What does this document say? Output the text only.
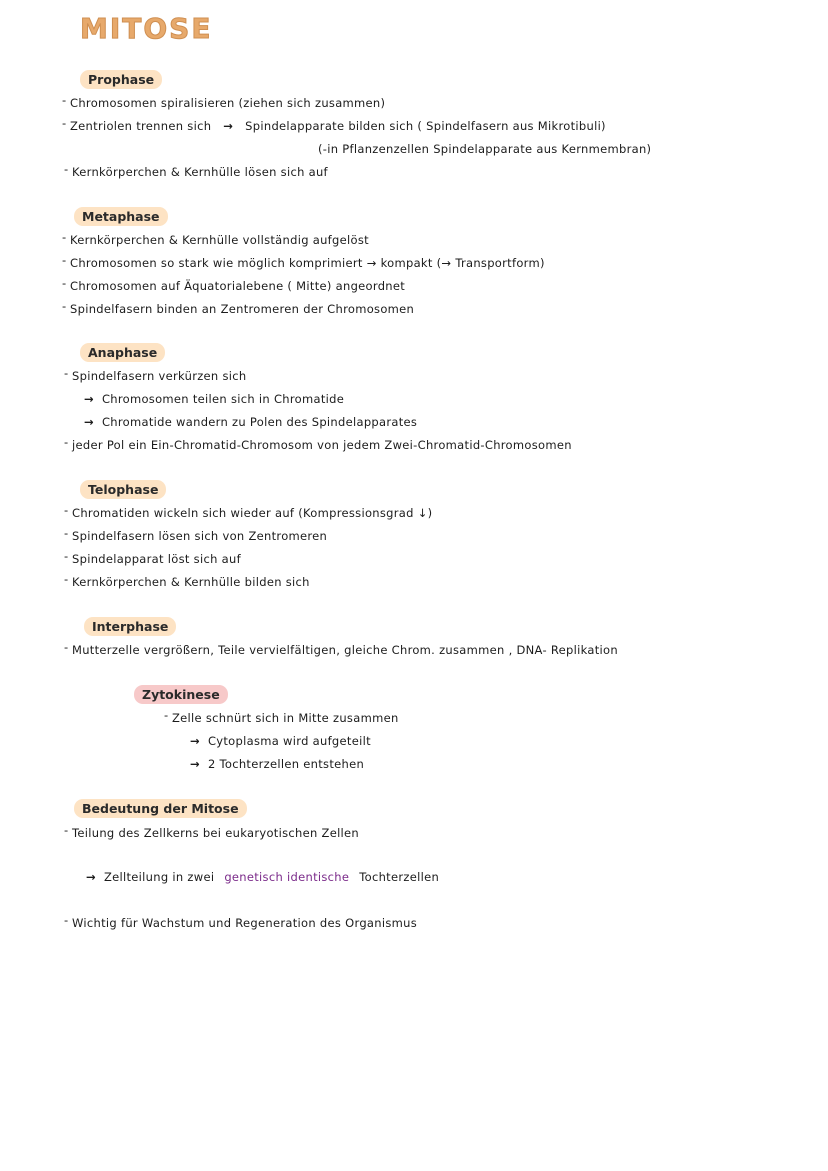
MITOSE
Prophase
- Chromosomen spiralisieren (ziehen sich zusammen)
- Zentriolen trennen sich → Spindelapparate bilden sich ( Spindelfasern aus Mikrotibuli)
(-in Pflanzenzellen Spindelapparate aus Kernmembran)
- Kernkörperchen & Kernhülle lösen sich auf
Metaphase
- Kernkörperchen & Kernhülle vollständig aufgelöst
- Chromosomen so stark wie möglich komprimiert → kompakt (→ Transportform)
- Chromosomen auf Äquatorialebene ( Mitte) angeordnet
- Spindelfasern binden an Zentromeren der Chromosomen
Anaphase
- Spindelfasern verkürzen sich
→ Chromosomen teilen sich in Chromatide
→ Chromatide wandern zu Polen des Spindelapparates
- jeder Pol ein Ein-Chromatid-Chromosom von jedem Zwei-Chromatid-Chromosomen
Telophase
- Chromatiden wickeln sich wieder auf (Kompressionsgrad ↓)
- Spindelfasern lösen sich von Zentromeren
- Spindelapparat löst sich auf
- Kernkörperchen & Kernhülle bilden sich
Interphase
- Mutterzelle vergrößern, Teile vervielfältigen, gleiche Chrom. zusammen , DNA- Replikation
Zytokinese
- Zelle schnürt sich in Mitte zusammen
→ Cytoplasma wird aufgeteilt
→ 2 Tochterzellen entstehen
Bedeutung der Mitose
- Teilung des Zellkerns bei eukaryotischen Zellen
→ Zellteilung in zwei genetisch identische Tochterzellen
- Wichtig für Wachstum und Regeneration des Organismus
